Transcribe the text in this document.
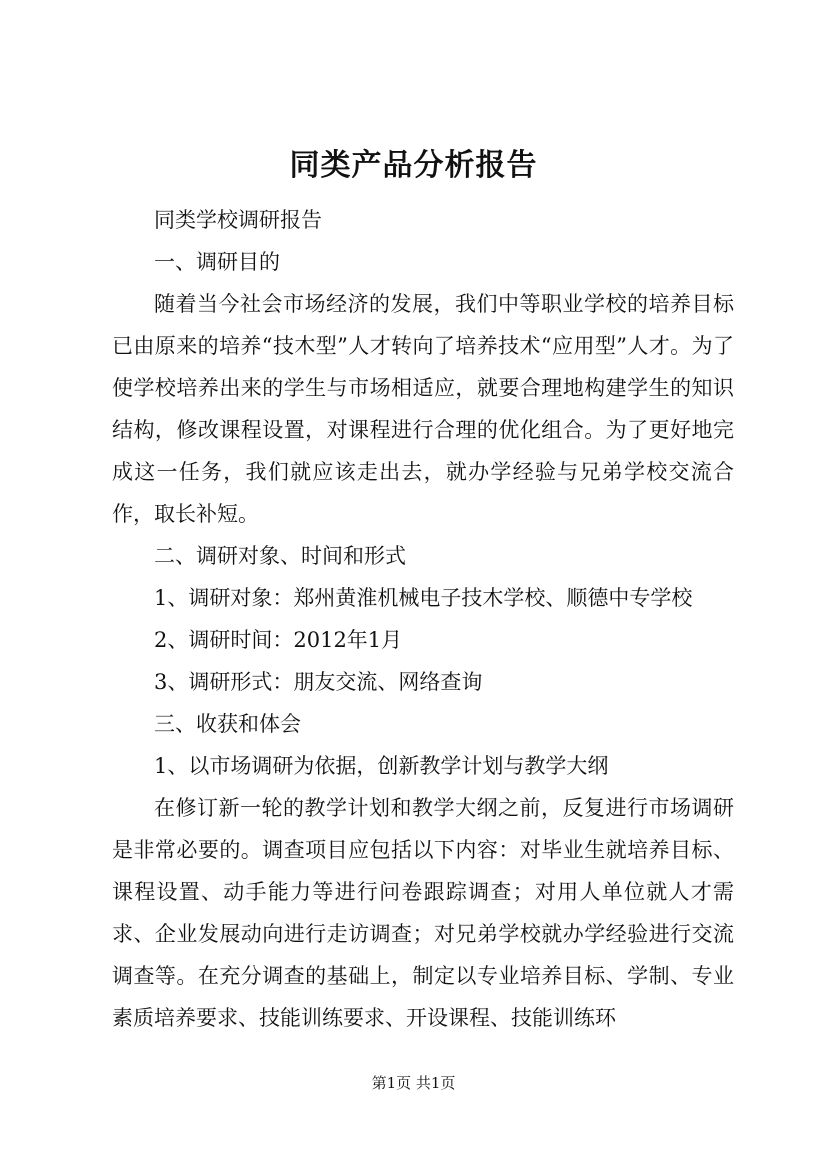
同类产品分析报告

同类学校调研报告

一、调研目的

随着当今社会市场经济的发展，我们中等职业学校的培养目标已由原来的培养“技木型”人才转向了培养技术“应用型”人才。为了使学校培养出来的学生与市场相适应，就要合理地构建学生的知识结构，修改课程设置，对课程进行合理的优化组合。为了更好地完成这一任务，我们就应该走出去，就办学经验与兄弟学校交流合作，取长补短。

二、调研对象、时间和形式

1、调研对象：郑州黄淮机械电子技木学校、顺德中专学校

2、调研时间：2012年1月

3、调研形式：朋友交流、网络查询

三、收获和体会

1、以市场调研为依据，创新教学计划与教学大纲

在修订新一轮的教学计划和教学大纲之前，反复进行市场调研是非常必要的。调查项目应包括以下内容：对毕业生就培养目标、课程设置、动手能力等进行问卷跟踪调查；对用人单位就人才需求、企业发展动向进行走访调查；对兄弟学校就办学经验进行交流调查等。在充分调查的基础上，制定以专业培养目标、学制、专业素质培养要求、技能训练要求、开设课程、技能训练环

第1页 共1页
